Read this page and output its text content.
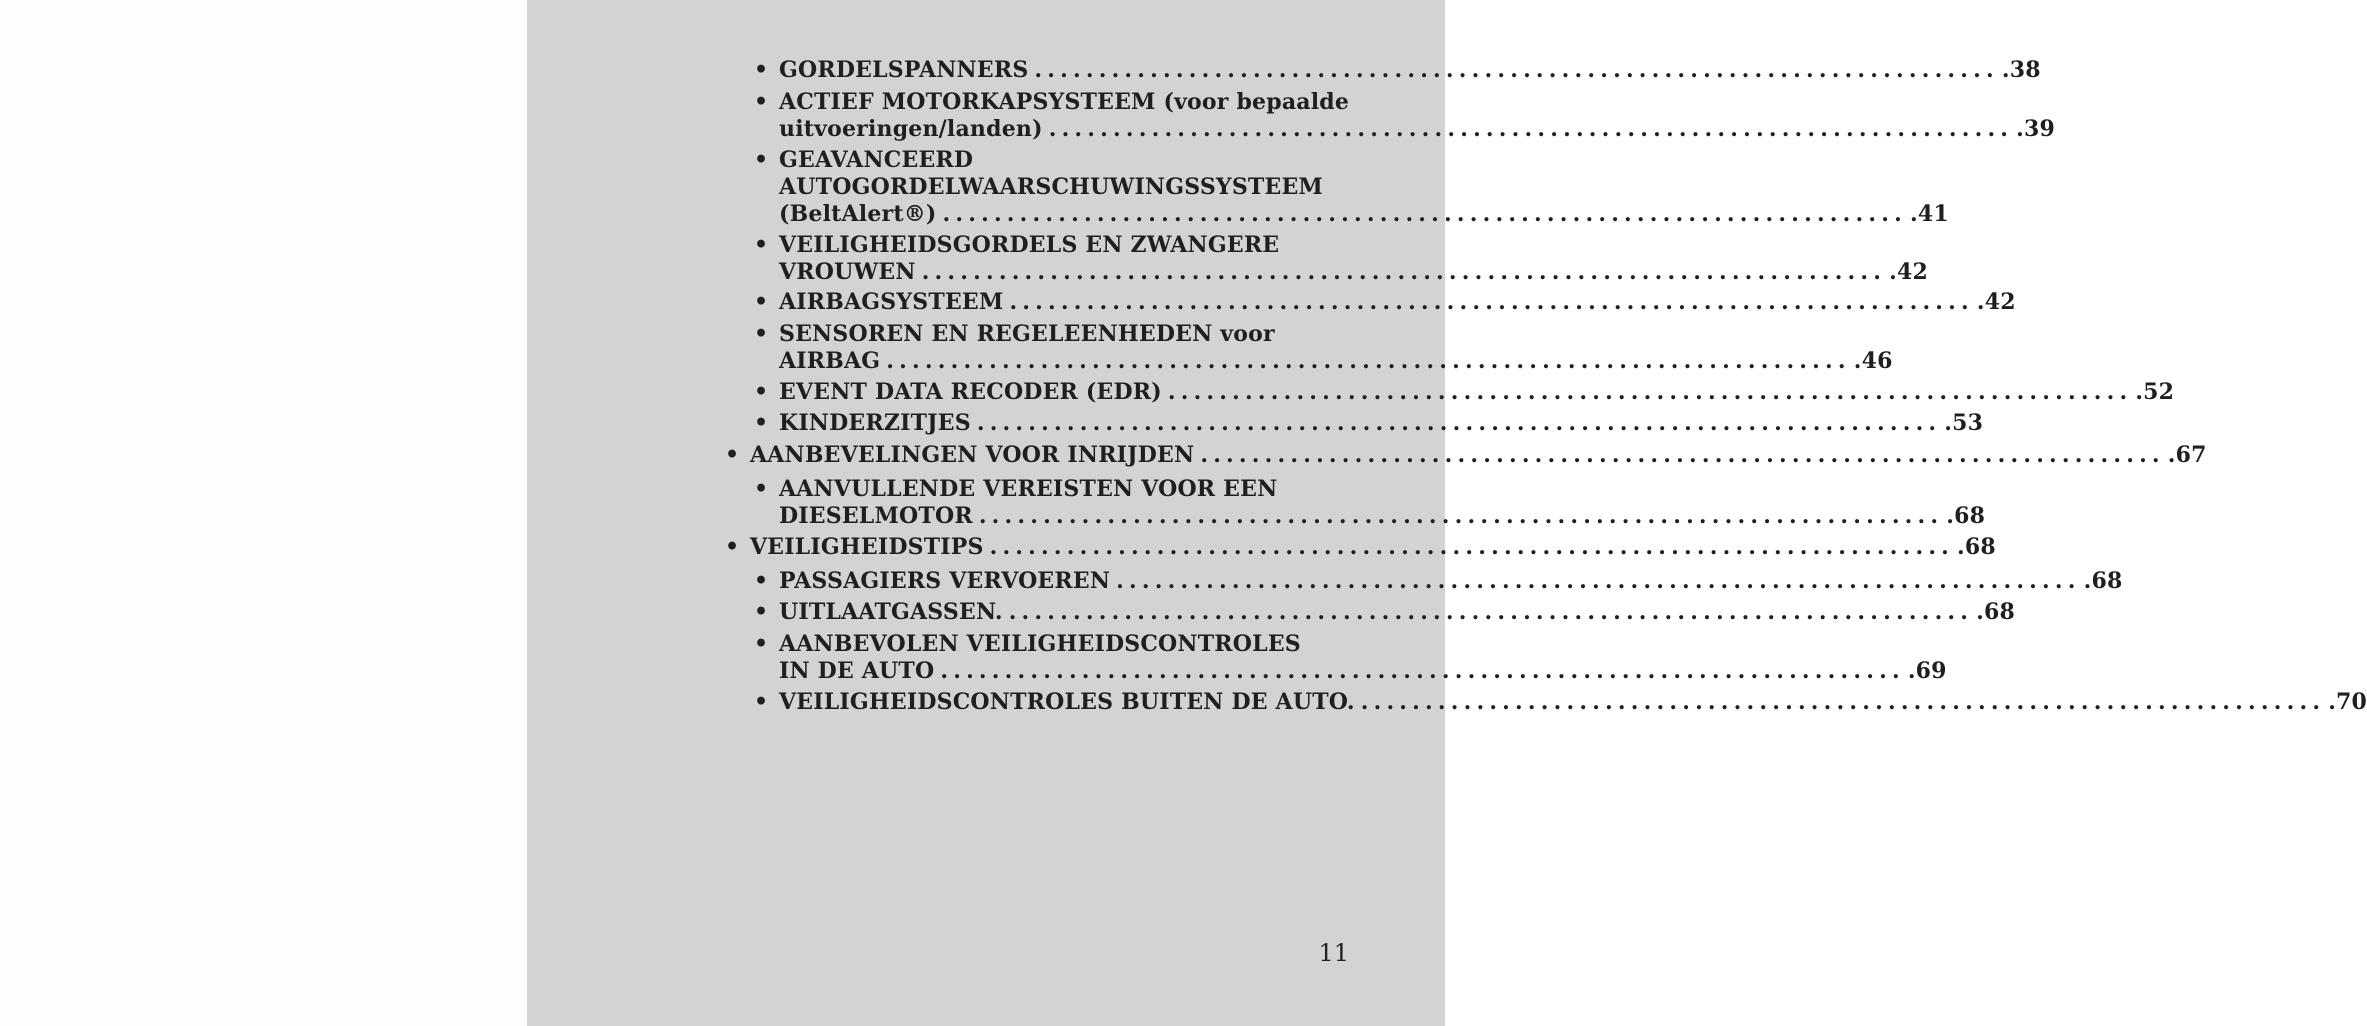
• GORDELSPANNERS ........................................................................... .38
• ACTIEF MOTORKAPSYSTEEM (voor bepaalde
uitvoeringen/landen) ........................................................................... .39
• GEAVANCEERD
AUTOGORDELWAARSCHUWINGSSYSTEEM
(BeltAlert®) ........................................................................... .41
• VEILIGHEIDSGORDELS EN ZWANGERE
VROUWEN ........................................................................... .42
• AIRBAGSYSTEEM ........................................................................... .42
• SENSOREN EN REGELEENHEDEN voor
AIRBAG ........................................................................... .46
• EVENT DATA RECODER (EDR) ........................................................................... .52
• KINDERZITJES ........................................................................... .53
• AANBEVELINGEN VOOR INRIJDEN ........................................................................... .67
• AANVULLENDE VEREISTEN VOOR EEN
DIESELMOTOR ........................................................................... .68
• VEILIGHEIDSTIPS ........................................................................... .68
• PASSAGIERS VERVOEREN ........................................................................... .68
• UITLAATGASSEN. ........................................................................... .68
• AANBEVOLEN VEILIGHEIDSCONTROLES
IN DE AUTO ........................................................................... .69
• VEILIGHEIDSCONTROLES BUITEN DE AUTO. ........................................................................... .70
11
